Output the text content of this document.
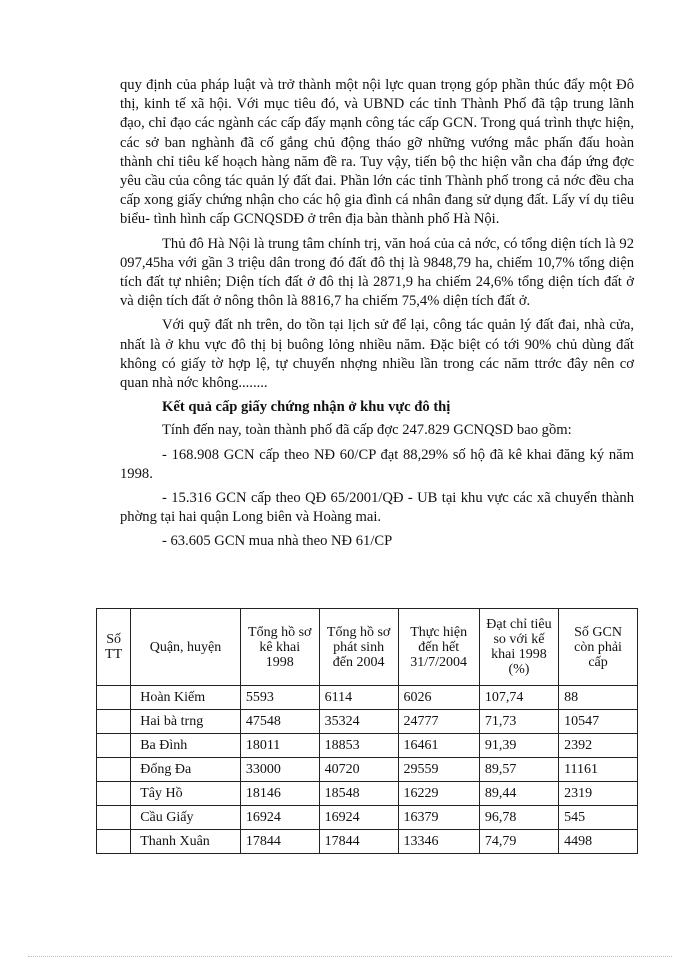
quy định của pháp luật và trở thành một nội lực quan trọng góp phần thúc đẩy một Đô thị, kinh tế xã hội. Với mục tiêu đó, và UBND các tỉnh Thành Phố đã tập trung lãnh đạo, chỉ đạo các ngành các cấp đẩy mạnh công tác cấp GCN. Trong quá trình thực hiện, các sở ban nghành đã cố gắng chủ động tháo gỡ những vướng mắc phấn đấu hoàn thành chỉ tiêu kế hoạch hàng năm đề ra. Tuy vậy, tiến bộ thc hiện vẫn cha đáp ứng đợc yêu cầu của công tác quản lý đất đai. Phần lớn các tỉnh Thành phố trong cả nớc đều cha cấp xong giấy chứng nhận cho các hộ gia đình cá nhân đang sử dụng đất. Lấy ví dụ tiêu biểu- tình hình cấp GCNQSDĐ ở trên địa bàn thành phố Hà Nội.

Thủ đô Hà Nội là trung tâm chính trị, văn hoá của cả nớc, có tổng diện tích là 92 097,45ha với gần 3 triệu dân trong đó đất đô thị là 9848,79 ha, chiếm 10,7% tổng diện tích đất tự nhiên; Diện tích đất ở đô thị là 2871,9 ha chiếm 24,6% tổng diện tích đất ở và diện tích đất ở nông thôn là 8816,7 ha chiếm 75,4% diện tích đất ở.

Với quỹ đất nh trên, do tồn tại lịch sử để lại, công tác quản lý đất đai, nhà cửa, nhất là ở khu vực đô thị bị buông lỏng nhiều năm. Đặc biệt có tới 90% chủ dùng đất không có giấy tờ hợp lệ, tự chuyển nhợng nhiều lần trong các năm ttrớc đây nên cơ quan nhà nớc không........

Kết quả cấp giấy chứng nhận ở khu vực đô thị

Tính đến nay, toàn thành phố đã cấp đợc 247.829 GCNQSD bao gồm:

- 168.908 GCN cấp theo NĐ 60/CP đạt 88,29% số hộ đã kê khai đăng ký năm 1998.

- 15.316 GCN cấp theo QĐ 65/2001/QĐ - UB tại khu vực các xã chuyển thành phờng tại hai quận Long biên và Hoàng mai.

- 63.605 GCN mua nhà theo NĐ 61/CP

Số TT	Quận, huyện	Tổng hồ sơ kê khai 1998	Tổng hồ sơ phát sinh đến 2004	Thực hiện đến hết 31/7/2004	Đạt chỉ tiêu so với kế khai 1998 (%)	Số GCN còn phải cấp
	Hoàn Kiếm	5593	6114	6026	107,74	88
	Hai bà trng	47548	35324	24777	71,73	10547
	Ba Đình	18011	18853	16461	91,39	2392
	Đống Đa	33000	40720	29559	89,57	11161
	Tây Hồ	18146	18548	16229	89,44	2319
	Cầu Giấy	16924	16924	16379	96,78	545
	Thanh Xuân	17844	17844	13346	74,79	4498
